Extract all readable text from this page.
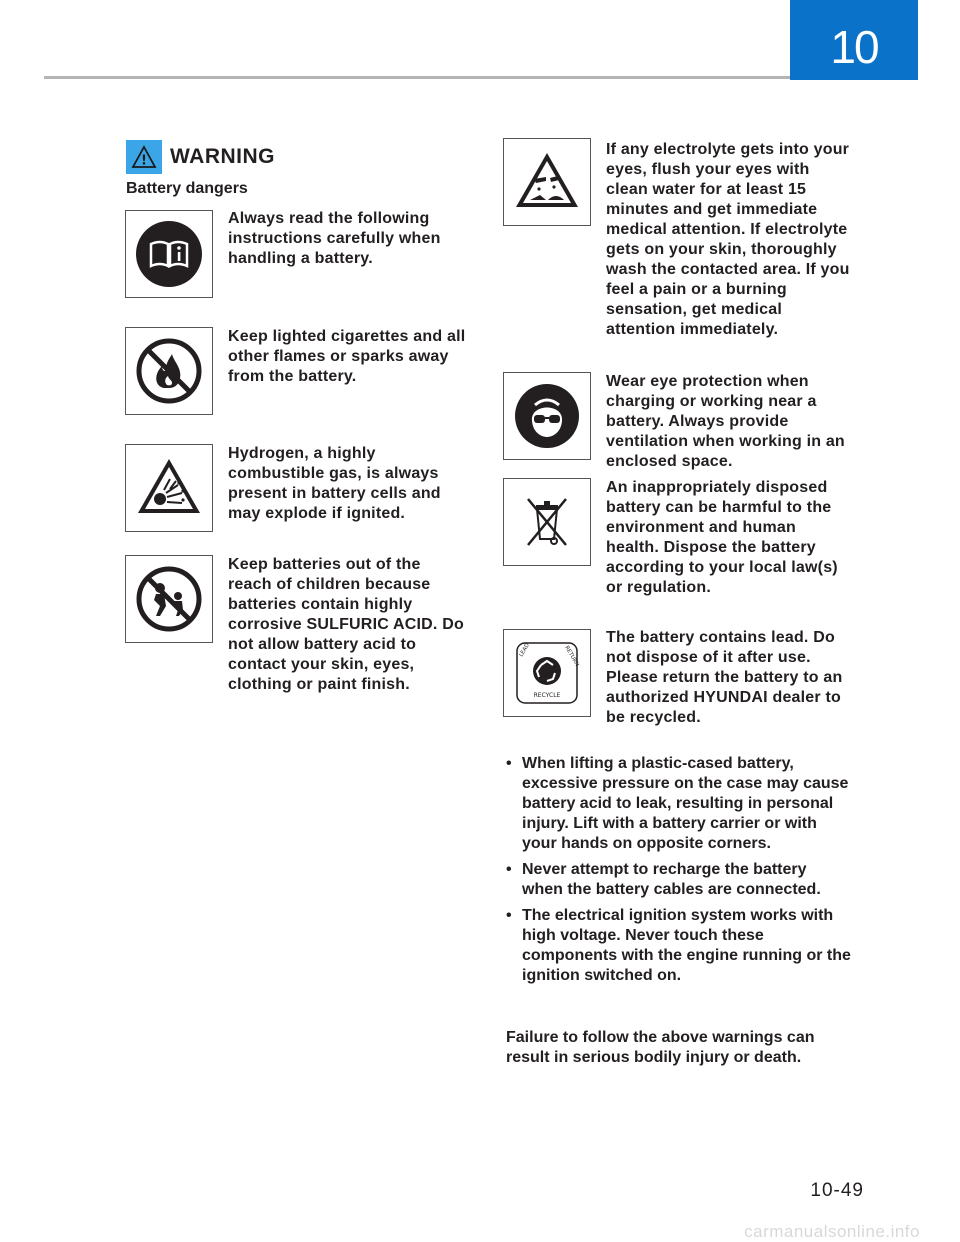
10
! WARNING
Battery dangers
Always read the following instructions carefully when handling a battery.
Keep lighted cigarettes and all other flames or sparks away from the battery.
Hydrogen, a highly combustible gas, is always present in battery cells and may explode if ignited.
Keep batteries out of the reach of children because batteries contain highly corrosive SULFURIC ACID. Do not allow battery acid to contact your skin, eyes, clothing or paint finish.
If any electrolyte gets into your eyes, flush your eyes with clean water for at least 15 minutes and get immediate medical attention. If electrolyte gets on your skin, thoroughly wash the contacted area. If you feel a pain or a burning sensation, get medical attention immediately.
Wear eye protection when charging or working near a battery. Always provide ventilation when working in an enclosed space.
An inappropriately disposed battery can be harmful to the environment and human health. Dispose the battery according to your local law(s) or regulation.
LEAD	RETURN
RECYCLE
The battery contains lead. Do not dispose of it after use. Please return the battery to an authorized HYUNDAI dealer to be recycled.
• When lifting a plastic-cased battery, excessive pressure on the case may cause battery acid to leak, resulting in personal injury. Lift with a battery carrier or with your hands on opposite corners.
• Never attempt to recharge the battery when the battery cables are connected.
• The electrical ignition system works with high voltage. Never touch these components with the engine running or the ignition switched on.
Failure to follow the above warnings can result in serious bodily injury or death.
10-49
carmanualsonline.info
